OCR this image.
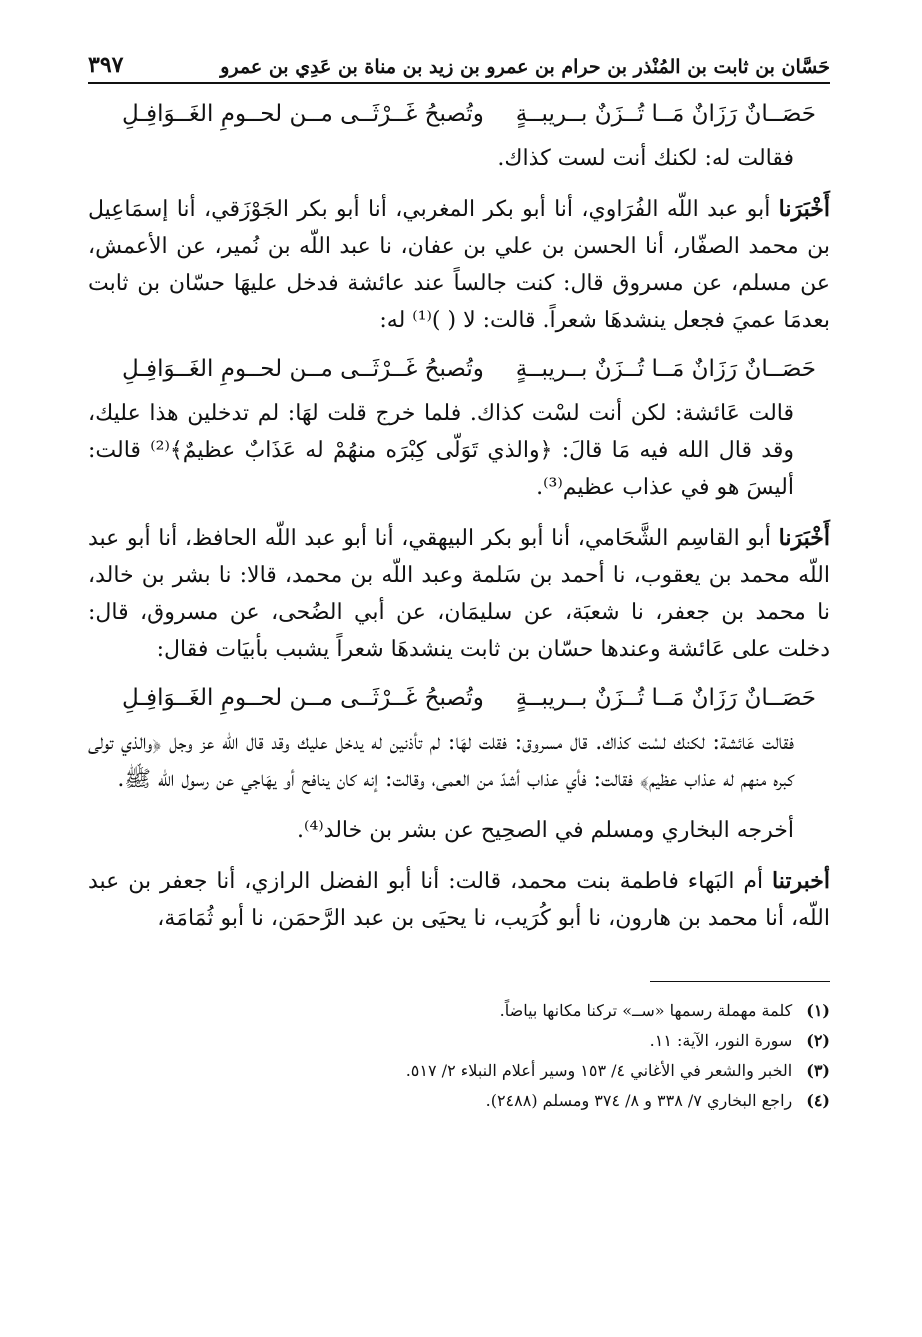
حَسَّان بن ثابت بن المُنْذر بن حرام بن عمرو بن زيد بن مناة بن عَدِي بن عمرو
٣٩٧
حَصَــانٌ رَزَانٌ مَــا تُــزَنٌ بــريبــةٍ
وتُصبحُ غَــرْثَــى مــن لحــومِ الغَــوَافِـلِ

فقالت له: لكنك أنت لست كذاك.

أَخْبَرَنا أبو عبد اللّه الفُرَاوي، أنا أبو بكر المغربي، أنا أبو بكر الجَوْزَقي، أنا إسمَاعِيل بن محمد الصفّار، أنا الحسن بن علي بن عفان، نا عبد اللّه بن نُمير، عن الأعمش، عن مسلم، عن مسروق قال: كنت جالساً عند عائشة فدخل عليهَا حسّان بن ثابت بعدمَا عميَ فجعل ينشدهَا شعراً. قالت: لا ( )⁽¹⁾ له:

حَصَــانٌ رَزَانٌ مَــا تُــزَنٌ بــريبــةٍ
وتُصبحُ غَــرْثَــى مــن لحــومِ الغَــوَافِـلِ

قالت عَائشة: لكن أنت لسْت كذاك. فلما خرج قلت لهَا: لم تدخلين هذا عليك، وقد قال الله فيه مَا قالَ: ﴿والذي تَوَلّى كِبْرَه منهُمْ له عَذَابٌ عظيمٌ﴾⁽²⁾ قالت: أليسَ هو في عذاب عظيم⁽³⁾.

أَخْبَرَنا أبو القاسِم الشَّحَامي، أنا أبو بكر البيهقي، أنا أبو عبد اللّه الحافظ، أنا أبو عبد اللّه محمد بن يعقوب، نا أحمد بن سَلمة وعبد اللّه بن محمد، قالا: نا بشر بن خالد، نا محمد بن جعفر، نا شعبَة، عن سليمَان، عن أبي الضُحى، عن مسروق، قال: دخلت على عَائشة وعندها حسّان بن ثابت ينشدهَا شعراً يشبب بأبيَات فقال:

حَصَــانٌ رَزَانٌ مَــا تُــزَنٌ بــريبــةٍ
وتُصبحُ غَــرْثَــى مــن لحــومِ الغَــوَافِـلِ

فقالت عَائشة: لكنك لسْت كذاك. قال مسروق: فقلت لهَا: لم تأذنين له يدخل عليك وقد قال الله عز وجل ﴿والذي تولى كبره منهم له عذاب عظيم﴾ فقالت: فأي عذاب أشدّ من العمى، وقالت: إنه كان ينافح أو يهَاجي عن رسول الله ﷺ.

أخرجه البخاري ومسلم في الصحِيح عن بشر بن خالد⁽⁴⁾.

أخبرتنا أم البَهاء فاطمة بنت محمد، قالت: أنا أبو الفضل الرازي، أنا جعفر بن عبد اللّه، أنا محمد بن هارون، نا أبو كُرَيب، نا يحيَى بن عبد الرَّحمَن، نا أبو ثُمَامَة،

(١)
كلمة مهملة رسمها «ســ» تركنا مكانها بياضاً.
(٢)
سورة النور، الآية: ١١.
(٣)
الخبر والشعر في الأغاني ٤/ ١٥٣ وسير أعلام النبلاء ٢/ ٥١٧.
(٤)
راجع البخاري ٧/ ٣٣٨ و ٨/ ٣٧٤ ومسلم (٢٤٨٨).
